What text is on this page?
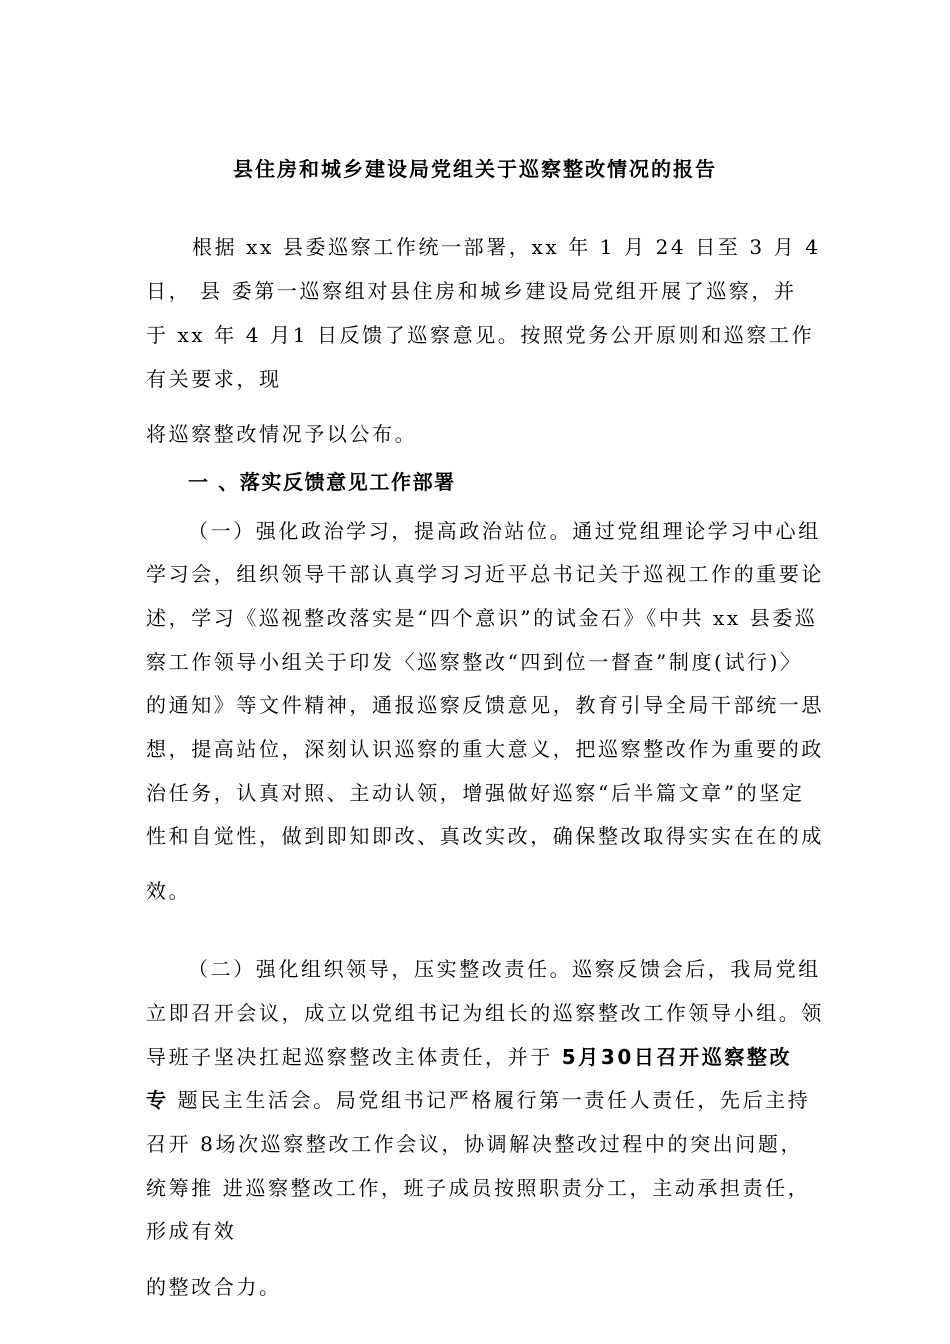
县住房和城乡建设局党组关于巡察整改情况的报告

根据 xx 县委巡察工作统一部署，xx 年 1 月 24 日至 3 月 4

日， 县 委第一巡察组对县住房和城乡建设局党组开展了巡察，并

于 xx 年 4 月1 日反馈了巡察意见。按照党务公开原则和巡察工作

有关要求，现

将巡察整改情况予以公布。

一 、落实反馈意见工作部署

（一）强化政治学习，提高政治站位。通过党组理论学习中心组

学习会，组织领导干部认真学习习近平总书记关于巡视工作的重要论

述，学习《巡视整改落实是“四个意识”的试金石》《中共 xx 县委巡

察工作领导小组关于印发〈巡察整改“四到位一督查”制度(试行)〉

的通知》等文件精神，通报巡察反馈意见，教育引导全局干部统一思

想，提高站位，深刻认识巡察的重大意义，把巡察整改作为重要的政

治任务，认真对照、主动认领，增强做好巡察“后半篇文章”的坚定

性和自觉性，做到即知即改、真改实改，确保整改取得实实在在的成

效。

（二）强化组织领导，压实整改责任。巡察反馈会后，我局党组

立即召开会议，成立以党组书记为组长的巡察整改工作领导小组。领

导班子坚决扛起巡察整改主体责任，并于 5月30日召开巡察整改

专 题民主生活会。局党组书记严格履行第一责任人责任，先后主持

召开 8场次巡察整改工作会议，协调解决整改过程中的突出问题，

统筹推 进巡察整改工作，班子成员按照职责分工，主动承担责任，

形成有效

的整改合力。
